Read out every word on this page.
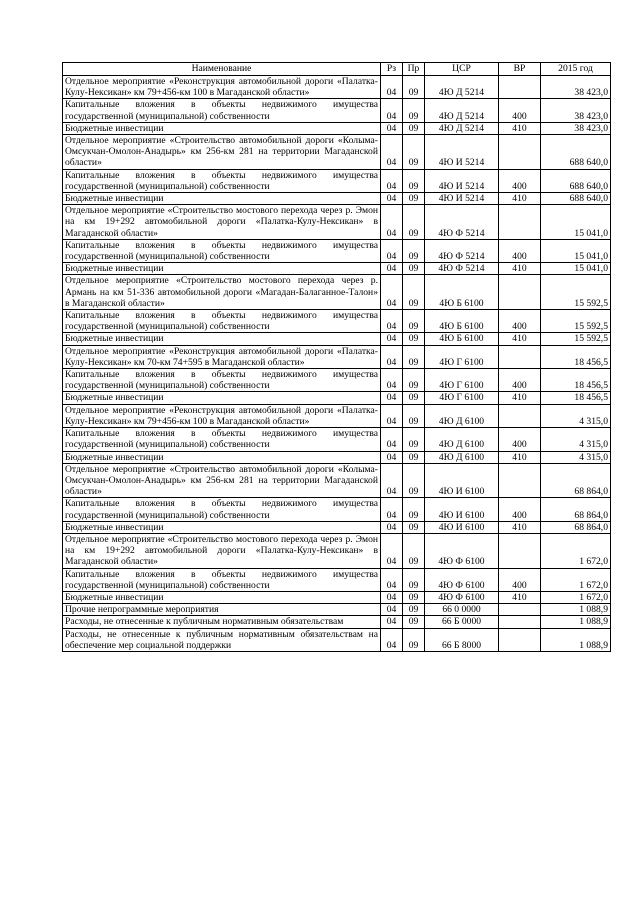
Наименование	Рз	Пр	ЦСР	ВР	2015 год
Отдельное мероприятие «Реконструкция автомобильной дороги «Палатка-Кулу-Нексикан» км 79+456-км 100 в Магаданской области»	04	09	4Ю Д 5214		38 423,0
Капитальные вложения в объекты недвижимого имущества государственной (муниципальной) собственности	04	09	4Ю Д 5214	400	38 423,0
Бюджетные инвестиции	04	09	4Ю Д 5214	410	38 423,0
Отдельное мероприятие «Строительство автомобильной дороги «Колыма-Омсукчан-Омолон-Анадырь» км 256-км 281 на территории Магаданской области»	04	09	4Ю И 5214		688 640,0
Капитальные вложения в объекты недвижимого имущества государственной (муниципальной) собственности	04	09	4Ю И 5214	400	688 640,0
Бюджетные инвестиции	04	09	4Ю И 5214	410	688 640,0
Отдельное мероприятие «Строительство мостового перехода через р. Эмон на км 19+292 автомобильной дороги «Палатка-Кулу-Нексикан» в Магаданской области»	04	09	4Ю Ф 5214		15 041,0
Капитальные вложения в объекты недвижимого имущества государственной (муниципальной) собственности	04	09	4Ю Ф 5214	400	15 041,0
Бюджетные инвестиции	04	09	4Ю Ф 5214	410	15 041,0
Отдельное мероприятие «Строительство мостового перехода через р. Армань на км 51-336 автомобильной дороги «Магадан-Балаганное-Талон» в Магаданской области»	04	09	4Ю Б 6100		15 592,5
Капитальные вложения в объекты недвижимого имущества государственной (муниципальной) собственности	04	09	4Ю Б 6100	400	15 592,5
Бюджетные инвестиции	04	09	4Ю Б 6100	410	15 592,5
Отдельное мероприятие «Реконструкция автомобильной дороги «Палатка-Кулу-Нексикан» км 70-км 74+595 в Магаданской области»	04	09	4Ю Г 6100		18 456,5
Капитальные вложения в объекты недвижимого имущества государственной (муниципальной) собственности	04	09	4Ю Г 6100	400	18 456,5
Бюджетные инвестиции	04	09	4Ю Г 6100	410	18 456,5
Отдельное мероприятие «Реконструкция автомобильной дороги «Палатка-Кулу-Нексикан» км 79+456-км 100 в Магаданской области»	04	09	4Ю Д 6100		4 315,0
Капитальные вложения в объекты недвижимого имущества государственной (муниципальной) собственности	04	09	4Ю Д 6100	400	4 315,0
Бюджетные инвестиции	04	09	4Ю Д 6100	410	4 315,0
Отдельное мероприятие «Строительство автомобильной дороги «Колыма-Омсукчан-Омолон-Анадырь» км 256-км 281 на территории Магаданской области»	04	09	4Ю И 6100		68 864,0
Капитальные вложения в объекты недвижимого имущества государственной (муниципальной) собственности	04	09	4Ю И 6100	400	68 864,0
Бюджетные инвестиции	04	09	4Ю И 6100	410	68 864,0
Отдельное мероприятие «Строительство мостового перехода через р. Эмон на км 19+292 автомобильной дороги «Палатка-Кулу-Нексикан» в Магаданской области»	04	09	4Ю Ф 6100		1 672,0
Капитальные вложения в объекты недвижимого имущества государственной (муниципальной) собственности	04	09	4Ю Ф 6100	400	1 672,0
Бюджетные инвестиции	04	09	4Ю Ф 6100	410	1 672,0
Прочие непрограммные мероприятия	04	09	66 0 0000		1 088,9
Расходы, не отнесенные к публичным нормативным обязательствам	04	09	66 Б 0000		1 088,9
Расходы, не отнесенные к публичным нормативным обязательствам на обеспечение мер социальной поддержки	04	09	66 Б 8000		1 088,9
